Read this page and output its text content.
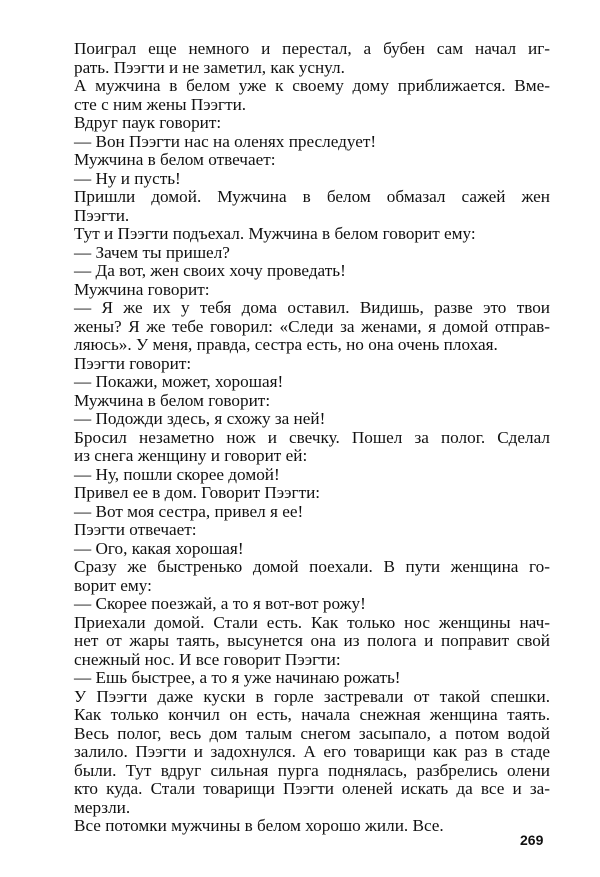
Поиграл еще немного и перестал, а бубен сам начал иг-
рать. Пээгти и не заметил, как уснул.
А мужчина в белом уже к своему дому приближается. Вме-
сте с ним жены Пээгти.
Вдруг паук говорит:
— Вон Пээгти нас на оленях преследует!
Мужчина в белом отвечает:
— Ну и пусть!
Пришли домой. Мужчина в белом обмазал сажей жен
Пээгти.
Тут и Пээгти подъехал. Мужчина в белом говорит ему:
— Зачем ты пришел?
— Да вот, жен своих хочу проведать!
Мужчина говорит:
— Я же их у тебя дома оставил. Видишь, разве это твои
жены? Я же тебе говорил: «Следи за женами, я домой отправ-
ляюсь». У меня, правда, сестра есть, но она очень плохая.
Пээгти говорит:
— Покажи, может, хорошая!
Мужчина в белом говорит:
— Подожди здесь, я схожу за ней!
Бросил незаметно нож и свечку. Пошел за полог. Сделал
из снега женщину и говорит ей:
— Ну, пошли скорее домой!
Привел ее в дом. Говорит Пээгти:
— Вот моя сестра, привел я ее!
Пээгти отвечает:
— Ого, какая хорошая!
Сразу же быстренько домой поехали. В пути женщина го-
ворит ему:
— Скорее поезжай, а то я вот-вот рожу!
Приехали домой. Стали есть. Как только нос женщины нач-
нет от жары таять, высунется она из полога и поправит свой
снежный нос. И все говорит Пээгти:
— Ешь быстрее, а то я уже начинаю рожать!
У Пээгти даже куски в горле застревали от такой спешки.
Как только кончил он есть, начала снежная женщина таять.
Весь полог, весь дом талым снегом засыпало, а потом водой
залило. Пээгти и задохнулся. А его товарищи как раз в стаде
были. Тут вдруг сильная пурга поднялась, разбрелись олени
кто куда. Стали товарищи Пээгти оленей искать да все и за-
мерзли.
Все потомки мужчины в белом хорошо жили. Все.
269
